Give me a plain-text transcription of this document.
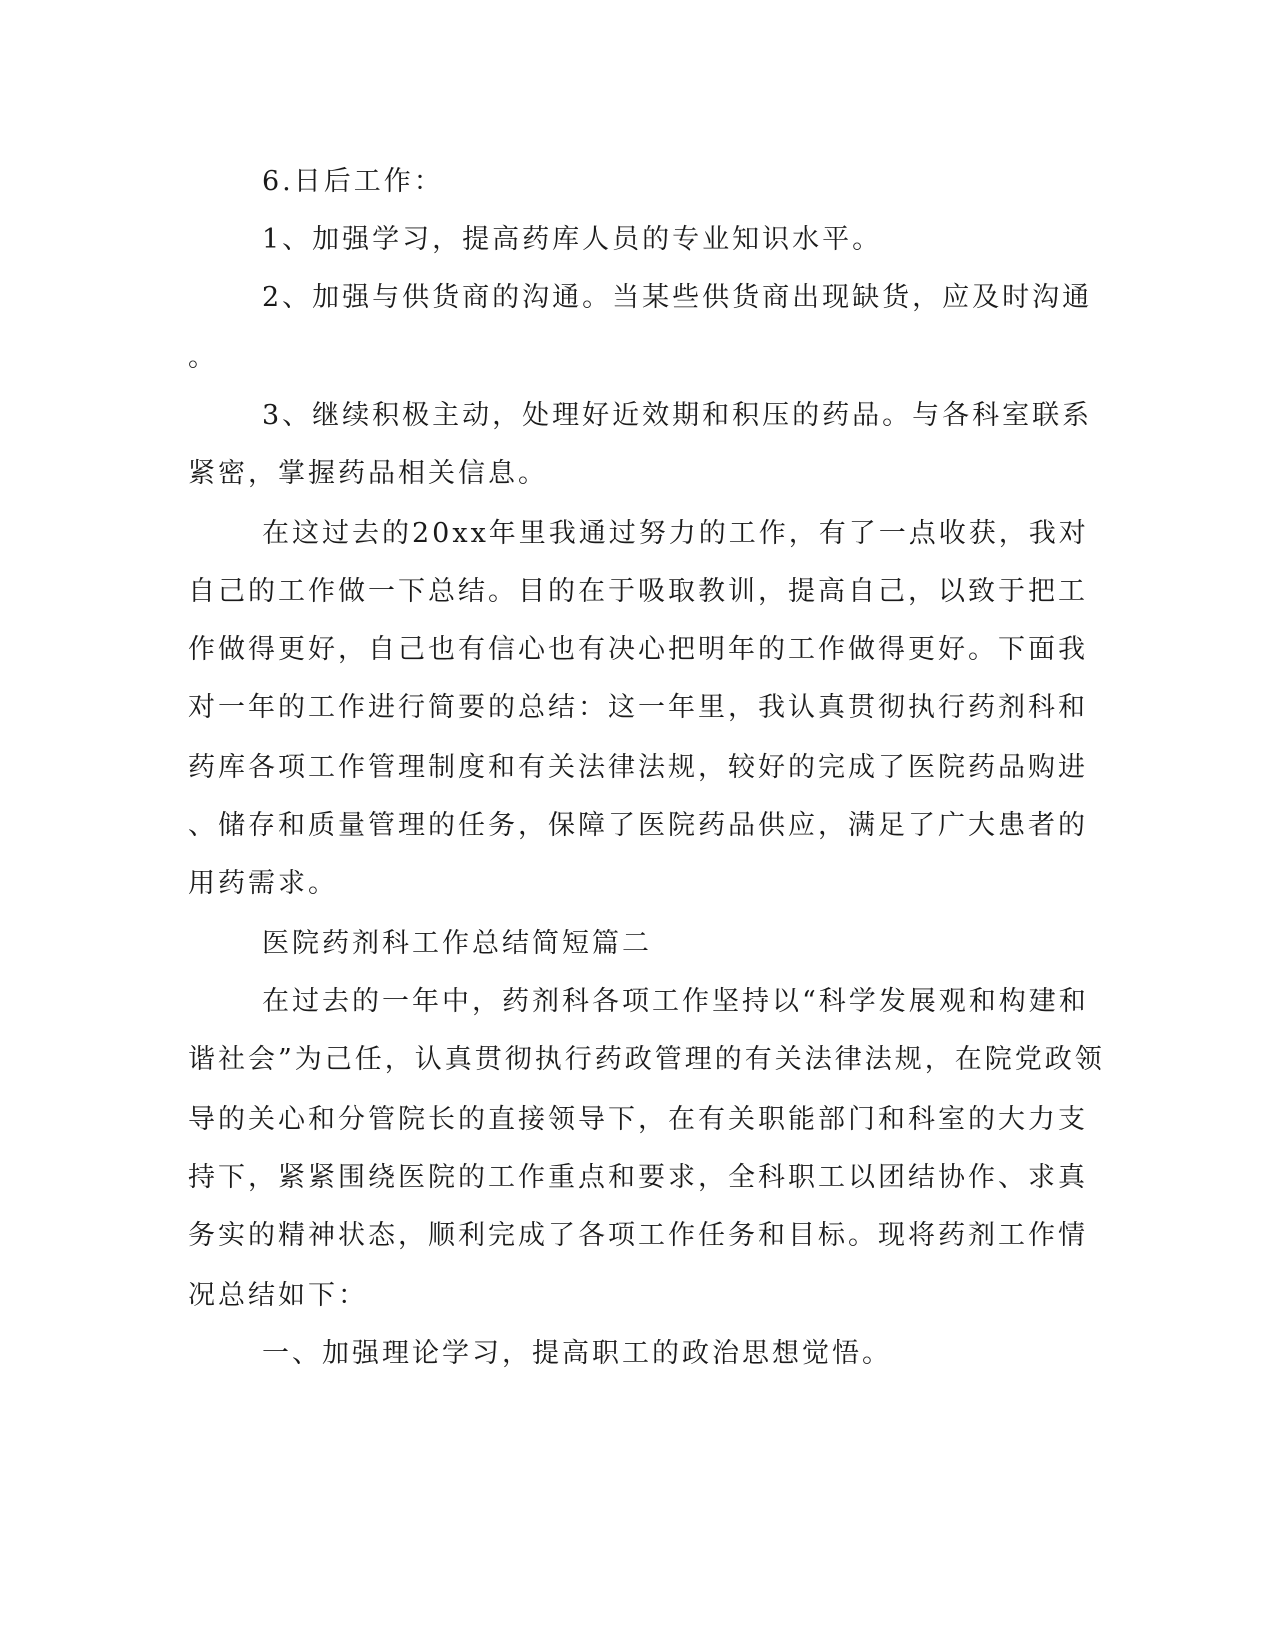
6.日后工作：
1、加强学习，提高药库人员的专业知识水平。
2、加强与供货商的沟通。当某些供货商出现缺货，应及时沟通
。
3、继续积极主动，处理好近效期和积压的药品。与各科室联系
紧密，掌握药品相关信息。
在这过去的20xx年里我通过努力的工作，有了一点收获，我对
自己的工作做一下总结。目的在于吸取教训，提高自己，以致于把工
作做得更好，自己也有信心也有决心把明年的工作做得更好。下面我
对一年的工作进行简要的总结：这一年里，我认真贯彻执行药剂科和
药库各项工作管理制度和有关法律法规，较好的完成了医院药品购进
、储存和质量管理的任务，保障了医院药品供应，满足了广大患者的
用药需求。
医院药剂科工作总结简短篇二
在过去的一年中，药剂科各项工作坚持以“科学发展观和构建和
谐社会”为己任，认真贯彻执行药政管理的有关法律法规，在院党政领
导的关心和分管院长的直接领导下，在有关职能部门和科室的大力支
持下，紧紧围绕医院的工作重点和要求，全科职工以团结协作、求真
务实的精神状态，顺利完成了各项工作任务和目标。现将药剂工作情
况总结如下：
一、加强理论学习，提高职工的政治思想觉悟。
